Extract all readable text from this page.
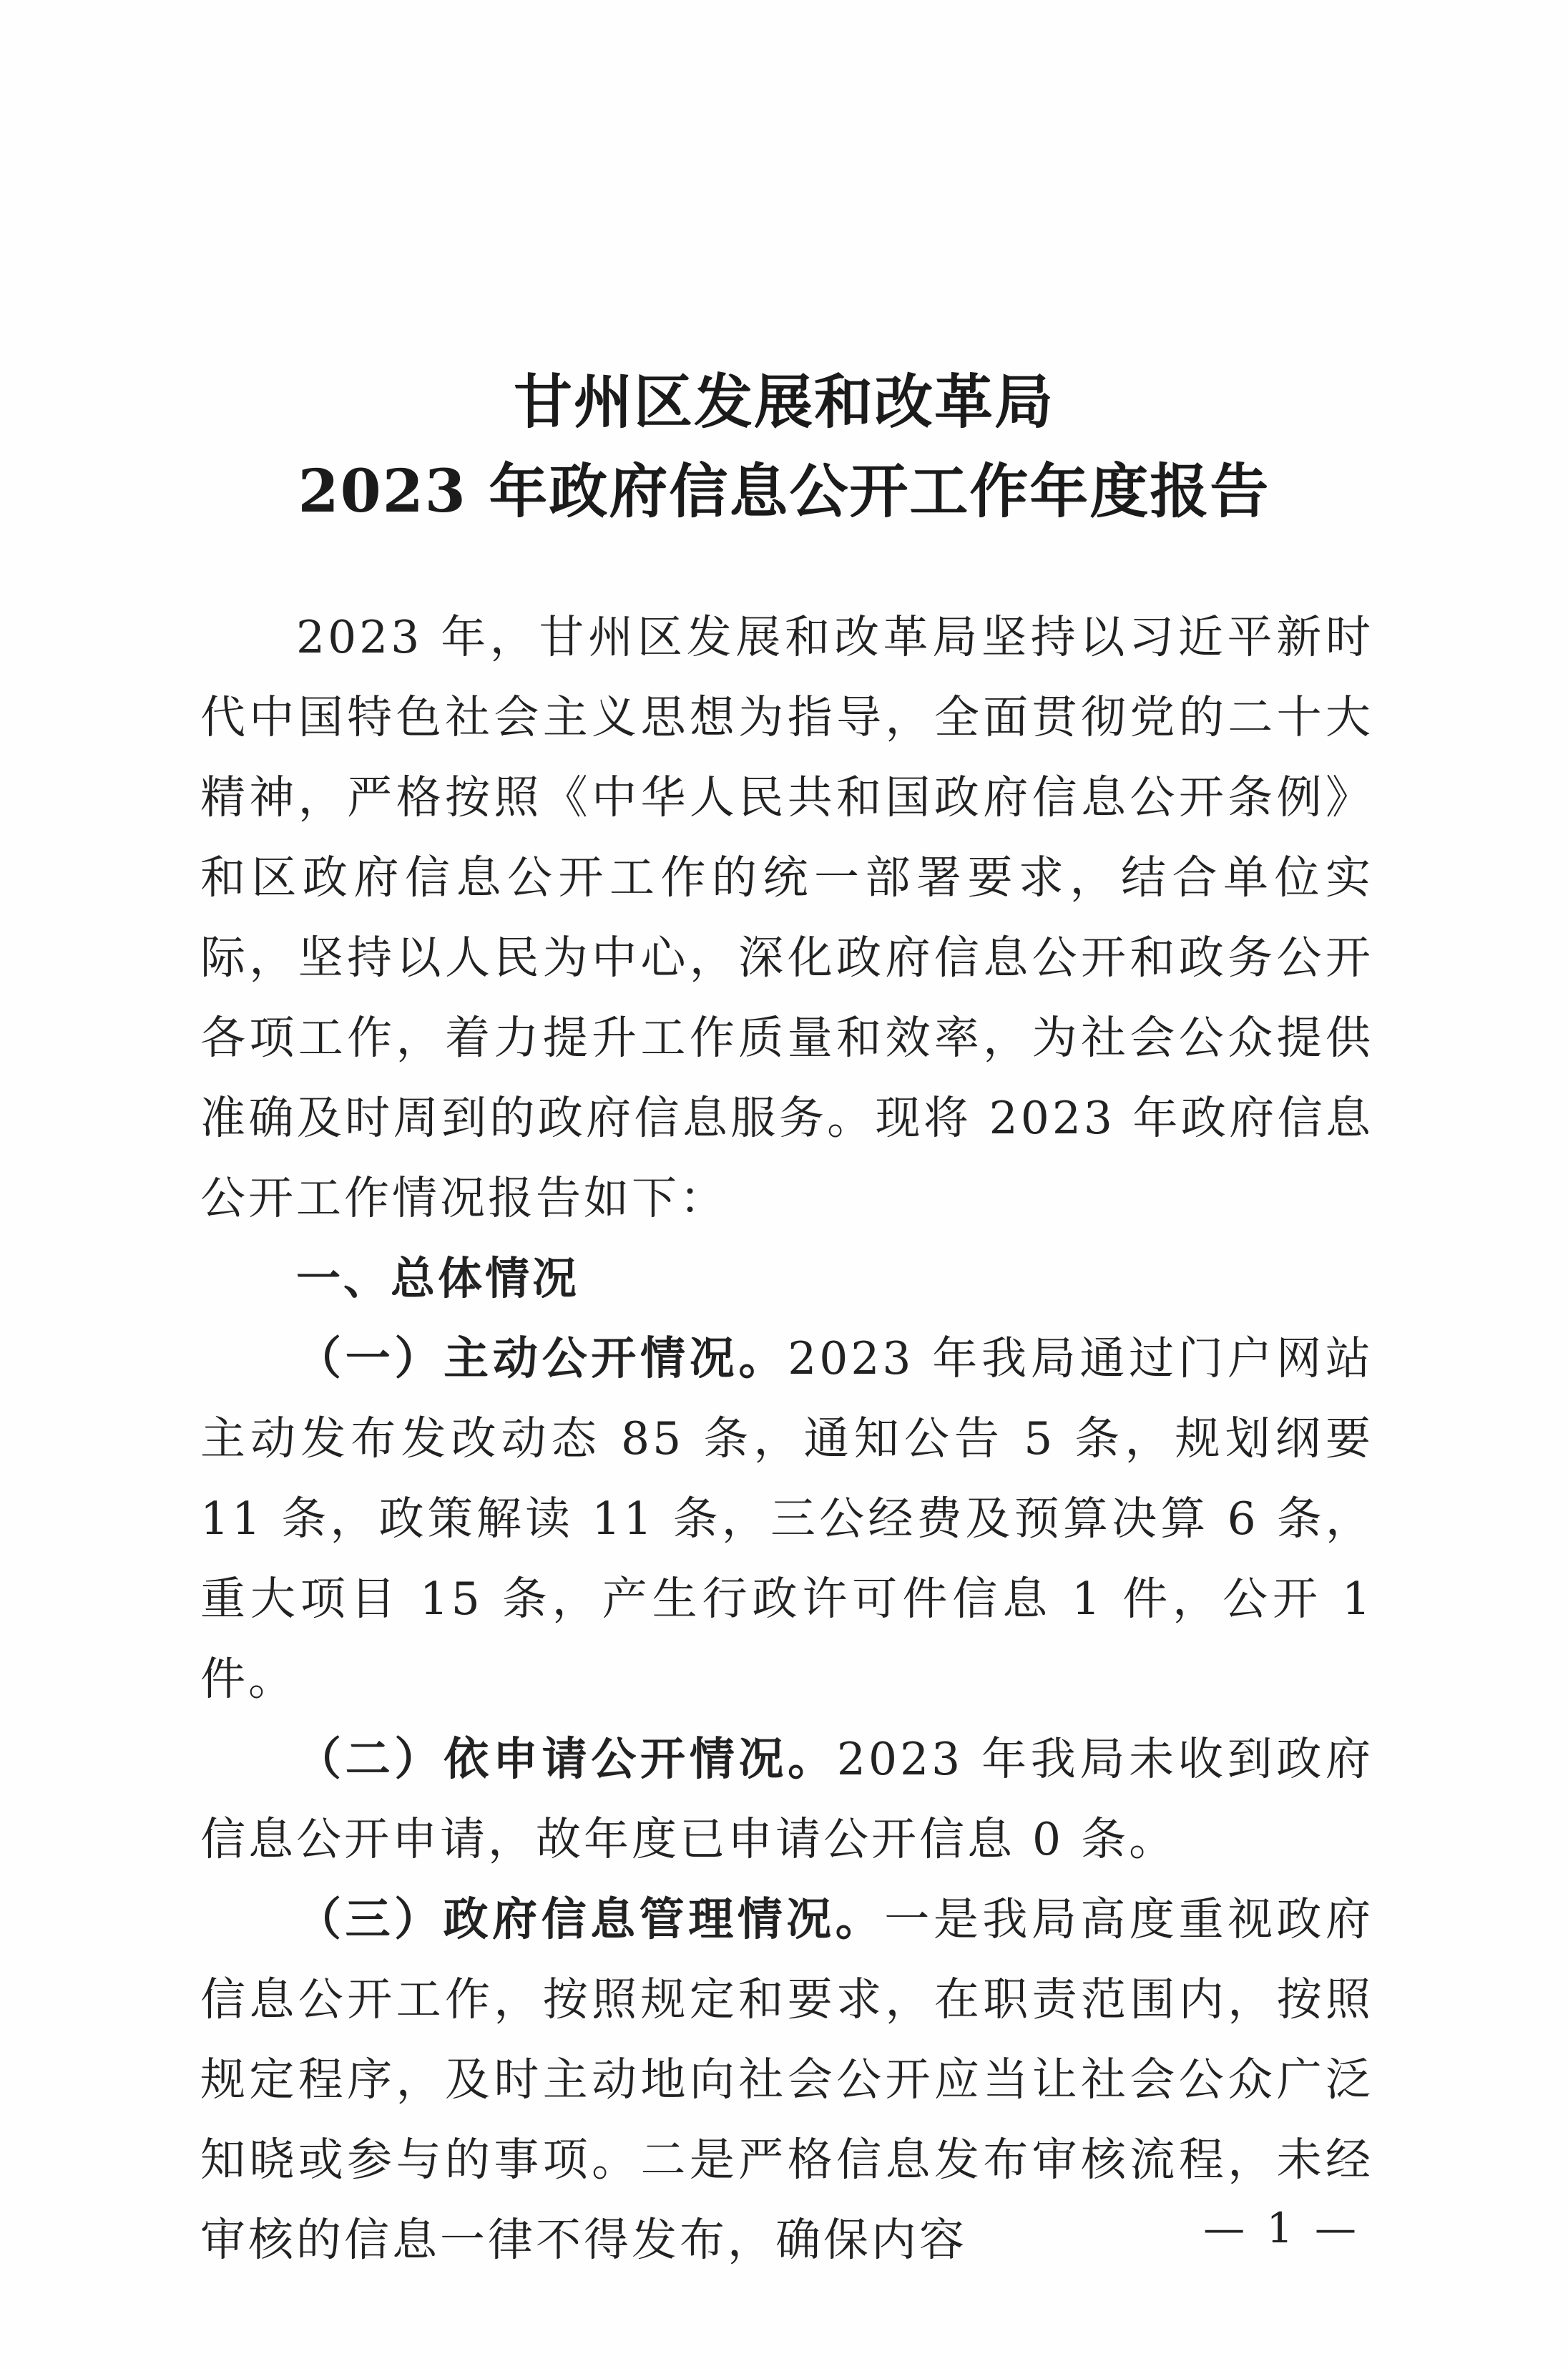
甘州区发展和改革局
2023 年政府信息公开工作年度报告

2023 年，甘州区发展和改革局坚持以习近平新时代中国特色社会主义思想为指导，全面贯彻党的二十大精神，严格按照《中华人民共和国政府信息公开条例》和区政府信息公开工作的统一部署要求，结合单位实际，坚持以人民为中心，深化政府信息公开和政务公开各项工作，着力提升工作质量和效率，为社会公众提供准确及时周到的政府信息服务。现将 2023 年政府信息公开工作情况报告如下：

一、总体情况

（一）主动公开情况。2023 年我局通过门户网站主动发布发改动态 85 条，通知公告 5 条，规划纲要 11 条，政策解读 11 条，三公经费及预算决算 6 条，重大项目 15 条，产生行政许可件信息 1 件，公开 1 件。

（二）依申请公开情况。2023 年我局未收到政府信息公开申请，故年度已申请公开信息 0 条。

（三）政府信息管理情况。一是我局高度重视政府信息公开工作，按照规定和要求，在职责范围内，按照规定程序，及时主动地向社会公开应当让社会公众广泛知晓或参与的事项。二是严格信息发布审核流程，未经审核的信息一律不得发布，确保内容	— 1 —
